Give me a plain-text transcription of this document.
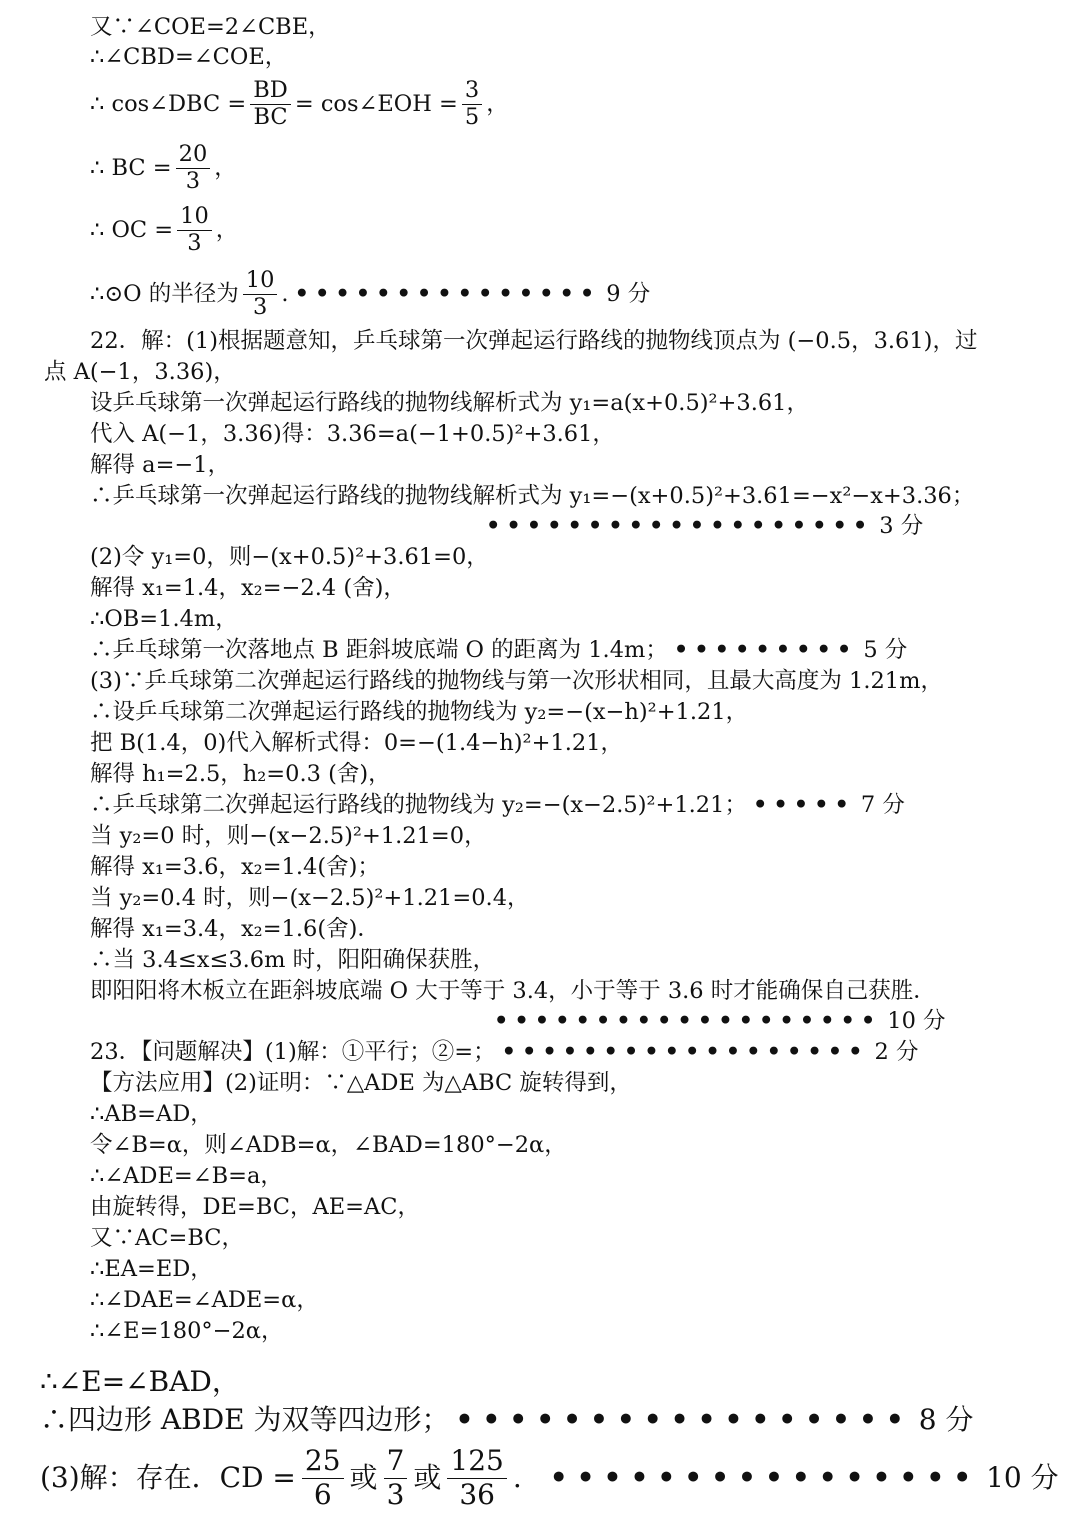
又∵∠COE=2∠CBE，
∴∠CBD=∠COE，
∴ cos∠DBC = $\frac{BD}{BC}$ = cos∠EOH = $\frac{3}{5}$ ，
∴ BC = $\frac{20}{3}$ ，
∴ OC = $\frac{10}{3}$ ，
∴⊙O 的半径为 $\frac{10}{3}$ . ••••••••••••••• 9 分
22．解：(1)根据题意知，乒乓球第一次弹起运行路线的抛物线顶点为 (−0.5，3.61)，过
点 A(−1，3.36)，
设乒乓球第一次弹起运行路线的抛物线解析式为 y₁=a(x+0.5)²+3.61，
代入 A(−1，3.36)得：3.36=a(−1+0.5)²+3.61，
解得 a=−1，
∴乒乓球第一次弹起运行路线的抛物线解析式为 y₁=−(x+0.5)²+3.61=−x²−x+3.36；
••••••••••••••••••• 3 分
(2)令 y₁=0，则−(x+0.5)²+3.61=0，
解得 x₁=1.4，x₂=−2.4 (舍)，
∴OB=1.4m，
∴乒乓球第一次落地点 B 距斜坡底端 O 的距离为 1.4m； ••••••••• 5 分
(3)∵乒乓球第二次弹起运行路线的抛物线与第一次形状相同，且最大高度为 1.21m，
∴设乒乓球第二次弹起运行路线的抛物线为 y₂=−(x−h)²+1.21，
把 B(1.4，0)代入解析式得：0=−(1.4−h)²+1.21，
解得 h₁=2.5，h₂=0.3 (舍)，
∴乒乓球第二次弹起运行路线的抛物线为 y₂=−(x−2.5)²+1.21； ••••• 7 分
当 y₂=0 时，则−(x−2.5)²+1.21=0，
解得 x₁=3.6，x₂=1.4(舍)；
当 y₂=0.4 时，则−(x−2.5)²+1.21=0.4，
解得 x₁=3.4，x₂=1.6(舍)．
∴当 3.4≤x≤3.6m 时，阳阳确保获胜，
即阳阳将木板立在距斜坡底端 O 大于等于 3.4，小于等于 3.6 时才能确保自己获胜．
••••••••••••••••••• 10 分
23．【问题解决】(1)解：①平行；②=； •••••••••••••••••• 2 分
【方法应用】(2)证明：∵△ADE 为△ABC 旋转得到，
∴AB=AD，
令∠B=α，则∠ADB=α，∠BAD=180°−2α，
∴∠ADE=∠B=a，
由旋转得，DE=BC，AE=AC，
又∵AC=BC，
∴EA=ED，
∴∠DAE=∠ADE=α，
∴∠E=180°−2α，
∴∠E=∠BAD，
∴四边形 ABDE 为双等四边形； ••••••••••••••••• 8 分
(3)解：存在．CD = $\frac{25}{6}$ 或 $\frac{7}{3}$ 或 $\frac{125}{36}$ . •••••••••••••••• 10 分
